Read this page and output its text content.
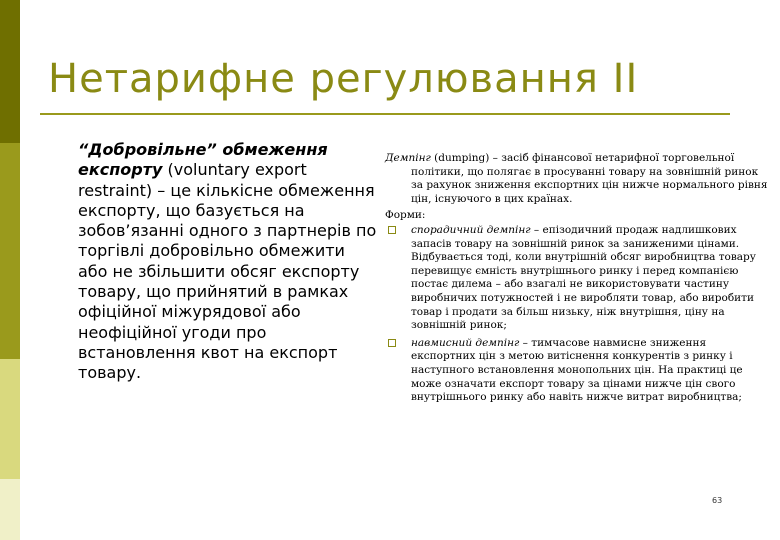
Нетарифне регулювання ІІ
“Добровільне” обмеження експорту (voluntary export restraint) – це кількісне обмеження експорту, що базується на зобов’язанні одного з партнерів по торгівлі добровільно обмежити або не збільшити обсяг експорту товару, що прийнятий в рамках офіційної міжурядової або неофіційної угоди про встановлення квот на експорт товару.

Демпінг (dumping) – засіб фінансової нетарифної торговельної політики, що полягає в просуванні товару на зовнішній ринок за рахунок зниження експортних цін нижче нормального рівня цін, існуючого в цих країнах.

Форми:
спорадичний демпінг – епізодичний продаж надлишкових запасів товару на зовнішній ринок за заниженими цінами. Відбувається тоді, коли внутрішній обсяг виробництва товару перевищує ємність внутрішнього ринку і перед компанією постає дилема – або взагалі не використовувати частину виробничих потужностей і не виробляти товар, або виробити товар і продати за більш низьку, ніж внутрішня, ціну на зовнішній ринок;
навмисний демпінг – тимчасове навмисне зниження експортних цін з метою витіснення конкурентів з ринку і наступного встановлення монопольних цін. На практиці це може означати експорт товару за цінами нижче цін свого внутрішнього ринку або навіть нижче витрат виробництва;
63
